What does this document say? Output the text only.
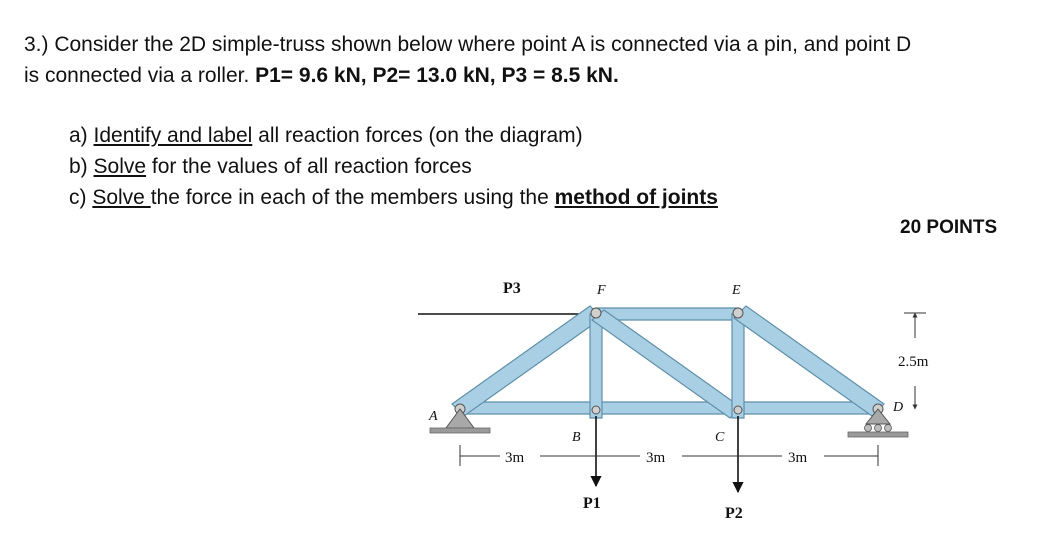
3.) Consider the 2D simple-truss shown below where point A is connected via a pin, and point D
is connected via a roller. P1= 9.6 kN, P2= 13.0 kN, P3 = 8.5 kN.
a) Identify and label all reaction forces (on the diagram)
b) Solve for the values of all reaction forces
c) Solve the force in each of the members using the method of joints
20 POINTS
P3	F	E
A
B	C
D
P1
P2
3m	3m	3m
2.5m
